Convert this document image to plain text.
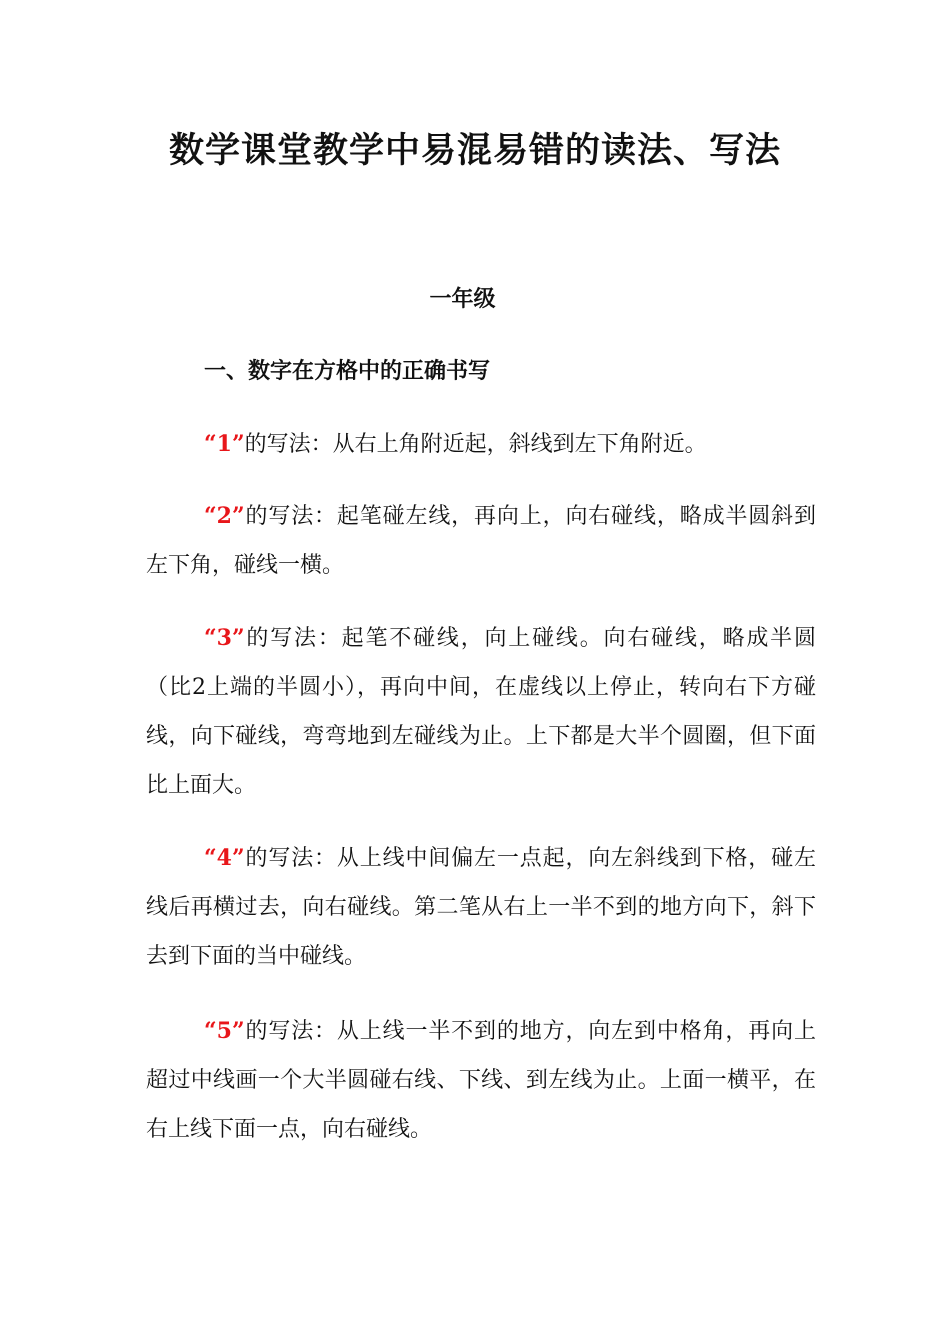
数学课堂教学中易混易错的读法、写法
一年级
一、数字在方格中的正确书写

“1”的写法：从右上角附近起，斜线到左下角附近。

“2”的写法：起笔碰左线，再向上，向右碰线，略成半圆斜到左下角，碰线一横。

“3”的写法：起笔不碰线，向上碰线。向右碰线，略成半圆（比2上端的半圆小），再向中间，在虚线以上停止，转向右下方碰线，向下碰线，弯弯地到左碰线为止。上下都是大半个圆圈，但下面比上面大。

“4”的写法：从上线中间偏左一点起，向左斜线到下格，碰左线后再横过去，向右碰线。第二笔从右上一半不到的地方向下，斜下去到下面的当中碰线。

“5”的写法：从上线一半不到的地方，向左到中格角，再向上超过中线画一个大半圆碰右线、下线、到左线为止。上面一横平，在右上线下面一点，向右碰线。
